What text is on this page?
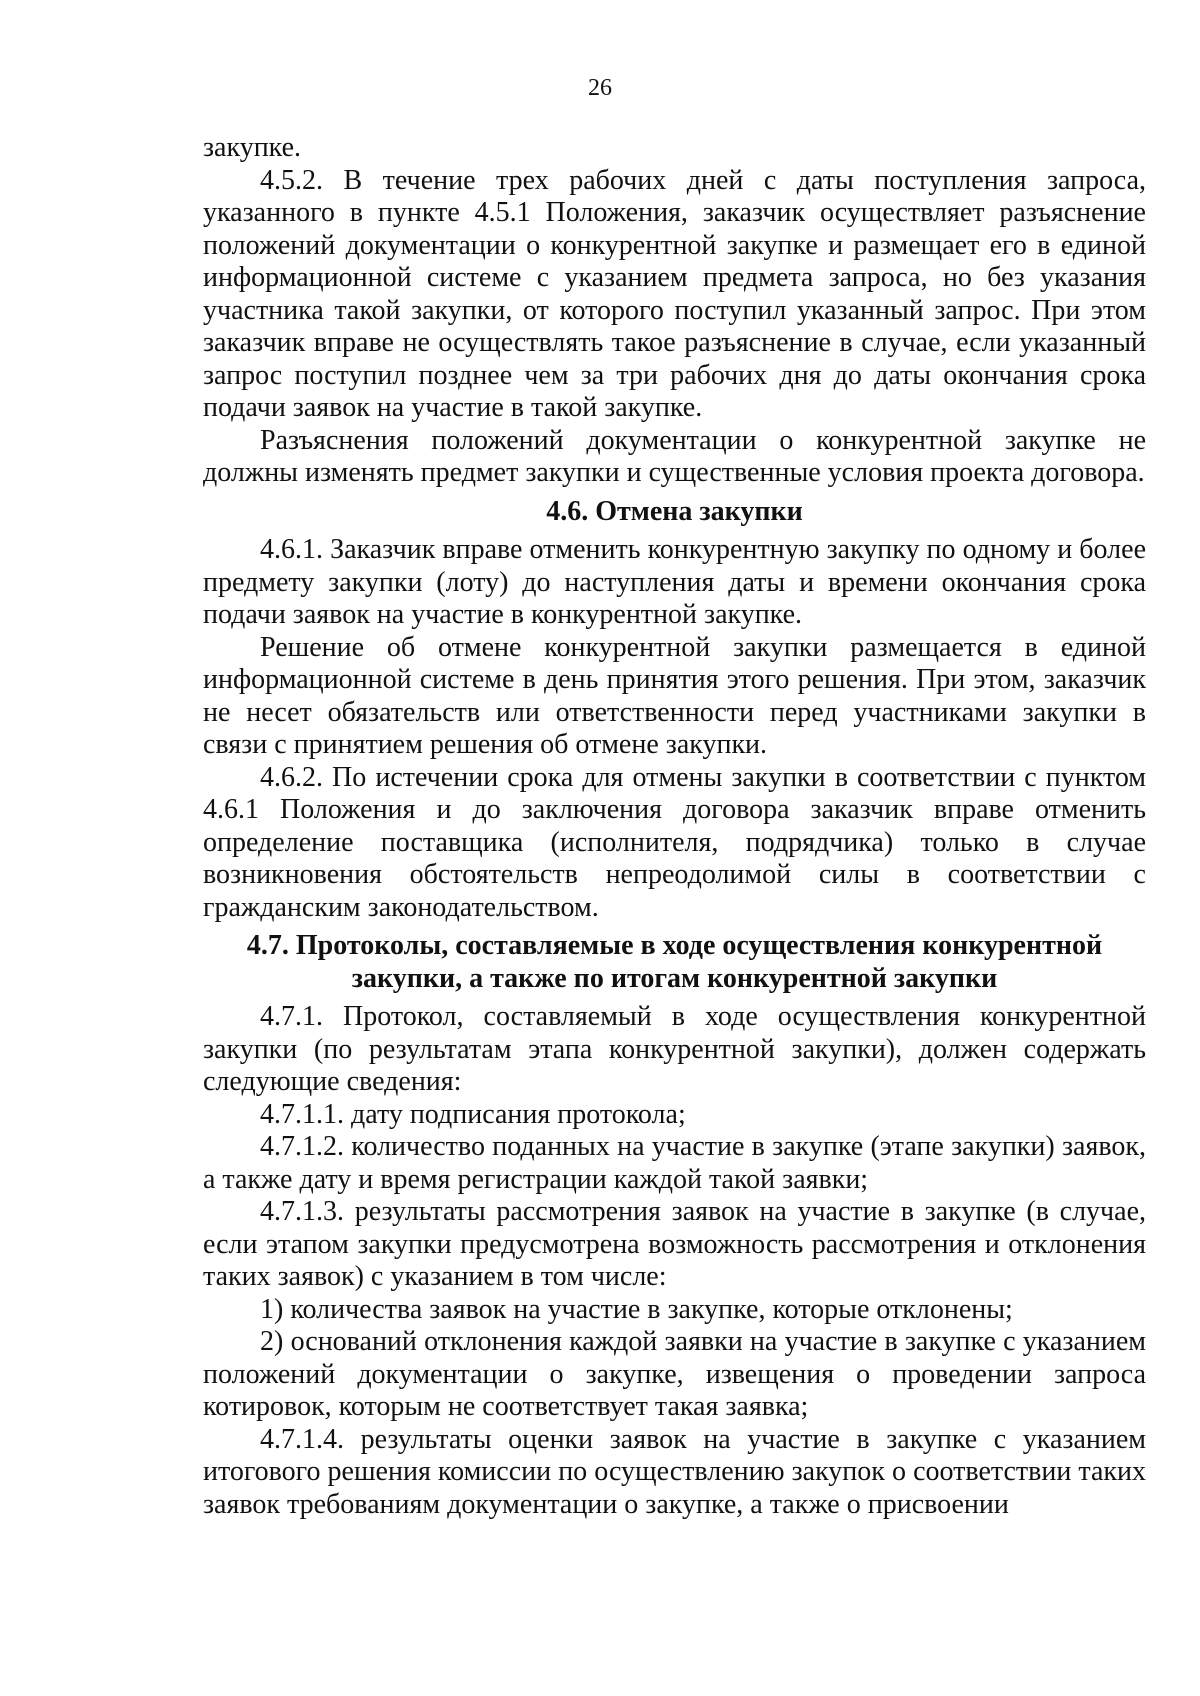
26

закупке.

4.5.2. В течение трех рабочих дней с даты поступления запроса, указанного в пункте 4.5.1 Положения, заказчик осуществляет разъяснение положений документации о конкурентной закупке и размещает его в единой информационной системе с указанием предмета запроса, но без указания участника такой закупки, от которого поступил указанный запрос. При этом заказчик вправе не осуществлять такое разъяснение в случае, если указанный запрос поступил позднее чем за три рабочих дня до даты окончания срока подачи заявок на участие в такой закупке.

Разъяснения положений документации о конкурентной закупке не должны изменять предмет закупки и существенные условия проекта договора.

4.6. Отмена закупки

4.6.1. Заказчик вправе отменить конкурентную закупку по одному и более предмету закупки (лоту) до наступления даты и времени окончания срока подачи заявок на участие в конкурентной закупке.

Решение об отмене конкурентной закупки размещается в единой информационной системе в день принятия этого решения. При этом, заказчик не несет обязательств или ответственности перед участниками закупки в связи с принятием решения об отмене закупки.

4.6.2. По истечении срока для отмены закупки в соответствии с пунктом 4.6.1 Положения и до заключения договора заказчик вправе отменить определение поставщика (исполнителя, подрядчика) только в случае возникновения обстоятельств непреодолимой силы в соответствии с гражданским законодательством.

4.7. Протоколы, составляемые в ходе осуществления конкурентной закупки, а также по итогам конкурентной закупки

4.7.1. Протокол, составляемый в ходе осуществления конкурентной закупки (по результатам этапа конкурентной закупки), должен содержать следующие сведения:

4.7.1.1. дату подписания протокола;

4.7.1.2. количество поданных на участие в закупке (этапе закупки) заявок, а также дату и время регистрации каждой такой заявки;

4.7.1.3. результаты рассмотрения заявок на участие в закупке (в случае, если этапом закупки предусмотрена возможность рассмотрения и отклонения таких заявок) с указанием в том числе:

1) количества заявок на участие в закупке, которые отклонены;

2) оснований отклонения каждой заявки на участие в закупке с указанием положений документации о закупке, извещения о проведении запроса котировок, которым не соответствует такая заявка;

4.7.1.4. результаты оценки заявок на участие в закупке с указанием итогового решения комиссии по осуществлению закупок о соответствии таких заявок требованиям документации о закупке, а также о присвоении
